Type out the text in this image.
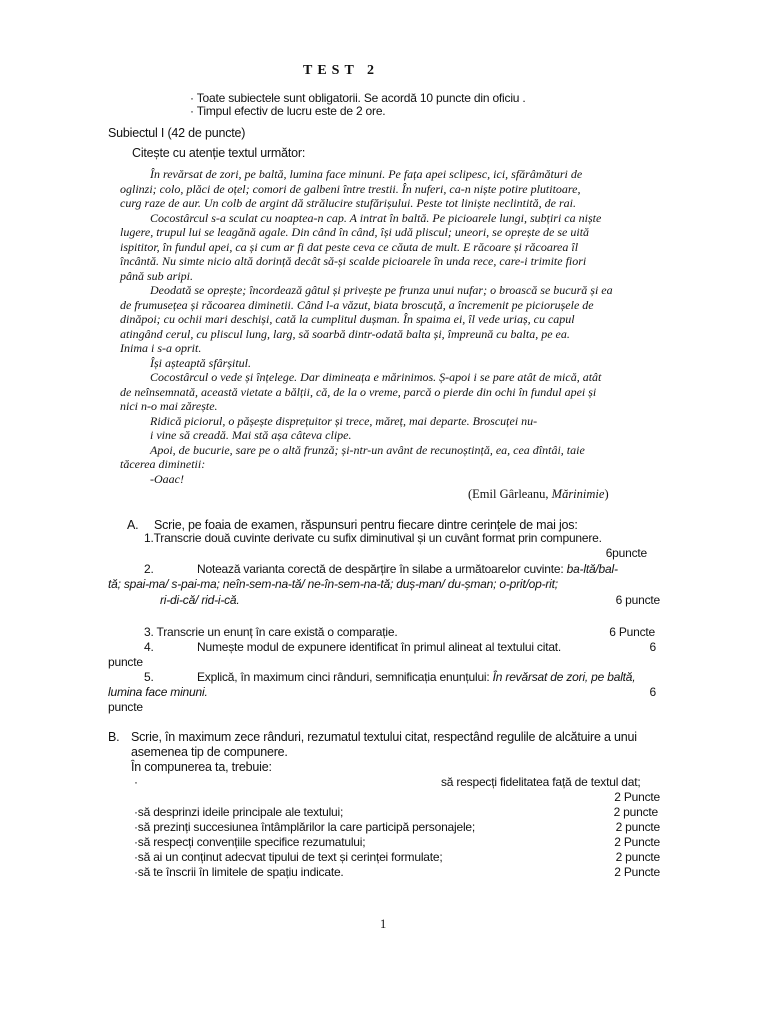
TEST 2
· Toate subiectele sunt obligatorii. Se acordă 10 puncte din oficiu .
· Timpul efectiv de lucru este de 2 ore.
Subiectul I (42 de puncte)
Citește cu atenție textul următor:
În revărsat de zori, pe baltă, lumina face minuni. Pe fața apei sclipesc, ici, sfărâmături de
oglinzi; colo, plăci de oțel; comori de galbeni între trestii. În nuferi, ca-n niște potire plutitoare,
curg raze de aur. Un colb de argint dă strălucire stufărișului. Peste tot liniște neclintită, de rai.
Cocostârcul s-a sculat cu noaptea-n cap. A intrat în baltă. Pe picioarele lungi, subțiri ca niște
lugere, trupul lui se leagănă agale. Din când în când, își udă pliscul; uneori, se oprește de se uită
ispititor, în fundul apei, ca și cum ar fi dat peste ceva ce căuta de mult. E răcoare și răcoarea îl
încântă. Nu simte nicio altă dorință decât să-și scalde picioarele în unda rece, care-i trimite fiori
până sub aripi.
Deodată se oprește; încordează gâtul și privește pe frunza unui nufar; o broască se bucură și ea
de frumusețea și răcoarea diminetii. Când l-a văzut, biata broscuță, a încremenit pe piciorușele de
dinăpoi; cu ochii mari deschiși, cată la cumplitul dușman. În spaima ei, îl vede uriaș, cu capul
atingând cerul, cu pliscul lung, larg, să soarbă dintr-odată balta și, împreună cu balta, pe ea.
Inima i s-a oprit.
Își așteaptă sfârșitul.
Cocostârcul o vede și înțelege. Dar dimineața e mărinimos. Ș-apoi i se pare atât de mică, atât
de neînsemnată, această vietate a bălții, că, de la o vreme, parcă o pierde din ochi în fundul apei și
nici n-o mai zărește.
Ridică piciorul, o pășește disprețuitor și trece, măreț, mai departe. Broscuței nu-
i vine să creadă. Mai stă așa câteva clipe.
Apoi, de bucurie, sare pe o altă frunză; și-ntr-un avânt de recunoștință, ea, cea dîntâi, taie
tăcerea diminetii:
-Oaac!
(Emil Gârleanu, Mărinimie)
A. Scrie, pe foaia de examen, răspunsuri pentru fiecare dintre cerințele de mai jos:
1.Transcrie două cuvinte derivate cu sufix diminutival și un cuvânt format prin compunere.
6puncte
2.	Notează varianta corectă de despărțire în silabe a următoarelor cuvinte: ba-ltă/bal-
tă; spai-ma/ s-pai-ma; neîn-sem-na-tă/ ne-în-sem-na-tă; duș-man/ du-șman; o-prit/op-rit;
ri-di-că/ rid-i-că.	6 puncte
3. Transcrie un enunț în care există o comparație.	6 Puncte
4.	Numește modul de expunere identificat în primul alineat al textului citat.	6
puncte
5.	Explică, în maximum cinci rânduri, semnificația enunțului: În revărsat de zori, pe baltă,
lumina face minuni.	6
puncte
B. Scrie, în maximum zece rânduri, rezumatul textului citat, respectând regulile de alcătuire a unui
asemenea tip de compunere.
În compunerea ta, trebuie:
·	să respecți fidelitatea față de textul dat;
2 Puncte
·să desprinzi ideile principale ale textului;	2 puncte
·să prezinți succesiunea întâmplărilor la care participă personajele;	2 puncte
·să respecți convențiile specifice rezumatului;	2 Puncte
·să ai un conținut adecvat tipului de text și cerinței formulate;	2 puncte
·să te înscrii în limitele de spațiu indicate.	2 Puncte
1
